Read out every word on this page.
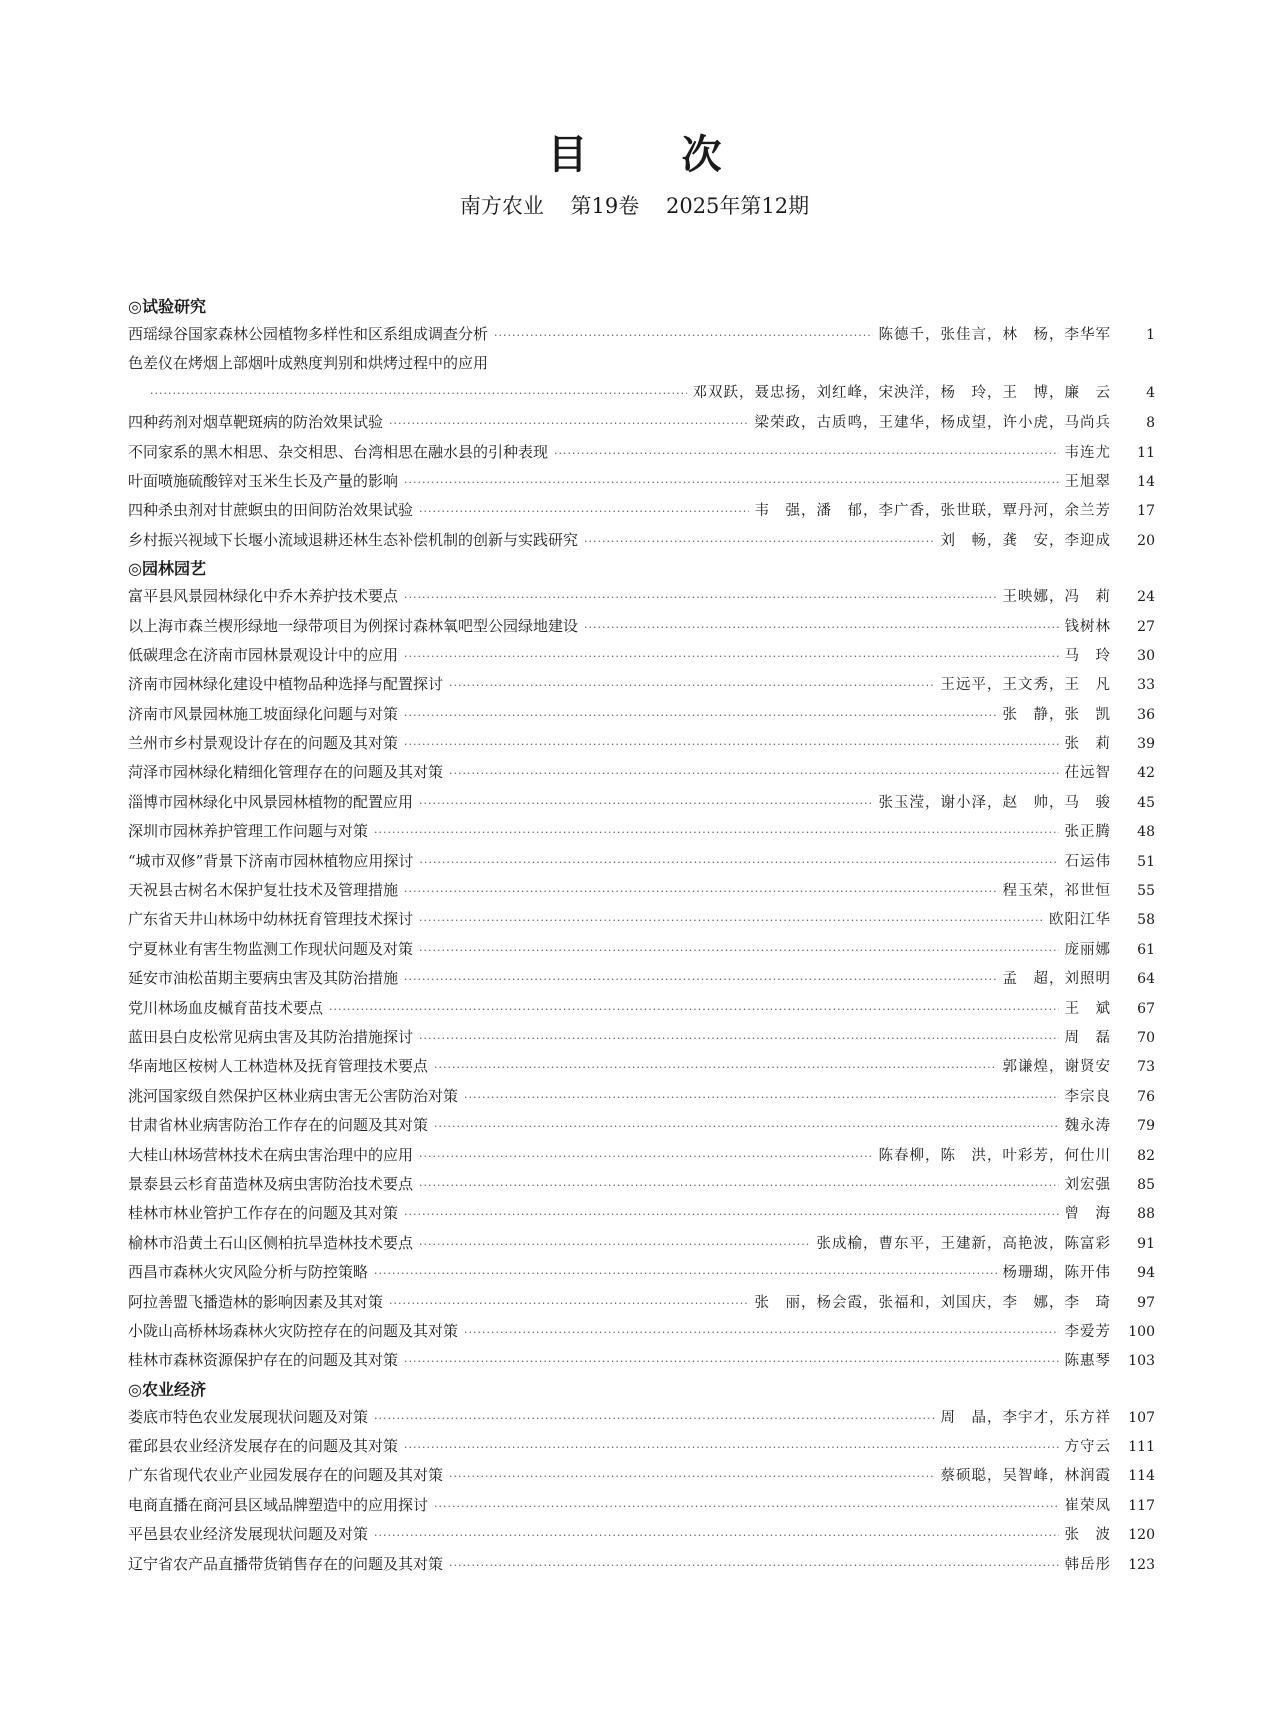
目 次
南方农业    第19卷    2025年第12期
◎试验研究
西瑶绿谷国家森林公园植物多样性和区系组成调查分析 ·····	陈德千，张佳言，林　杨，李华军	1
色差仪在烤烟上部烟叶成熟度判别和烘烤过程中的应用
·····
邓双跃，聂忠扬，刘红峰，宋泱洋，杨　玲，王　博，廉　云	4
四种药剂对烟草靶斑病的防治效果试验 ·····	梁荣政，古质鸣，王建华，杨成望，许小虎，马尚兵	8
不同家系的黑木相思、杂交相思、台湾相思在融水县的引种表现 ·····	韦连尤	11
叶面喷施硫酸锌对玉米生长及产量的影响 ·····	王旭翠	14
四种杀虫剂对甘蔗螟虫的田间防治效果试验 ·····	韦　强，潘　郁，李广香，张世联，覃丹河，余兰芳	17
乡村振兴视域下长堰小流域退耕还林生态补偿机制的创新与实践研究 ·····	刘　畅，龚　安，李迎成	20
◎园林园艺
富平县风景园林绿化中乔木养护技术要点 ·····	王映娜，冯　莉	24
以上海市森兰楔形绿地一绿带项目为例探讨森林氧吧型公园绿地建设 ·····	钱树林	27
低碳理念在济南市园林景观设计中的应用 ·····	马　玲	30
济南市园林绿化建设中植物品种选择与配置探讨 ·····	王远平，王文秀，王　凡	33
济南市风景园林施工坡面绿化问题与对策 ·····	张　静，张　凯	36
兰州市乡村景观设计存在的问题及其对策 ·····	张　莉	39
菏泽市园林绿化精细化管理存在的问题及其对策 ·····	茌远智	42
淄博市园林绿化中风景园林植物的配置应用 ·····	张玉滢，谢小泽，赵　帅，马　骏	45
深圳市园林养护管理工作问题与对策 ·····	张正腾	48
“城市双修”背景下济南市园林植物应用探讨 ·····	石运伟	51
天祝县古树名木保护复壮技术及管理措施 ·····	程玉荣，祁世恒	55
广东省天井山林场中幼林抚育管理技术探讨 ·····	欧阳江华	58
宁夏林业有害生物监测工作现状问题及对策 ·····	庞丽娜	61
延安市油松苗期主要病虫害及其防治措施 ·····	孟　超，刘照明	64
党川林场血皮槭育苗技术要点 ·····	王　斌	67
蓝田县白皮松常见病虫害及其防治措施探讨 ·····	周　磊	70
华南地区桉树人工林造林及抚育管理技术要点 ·····	郭谦煌，谢贤安	73
洮河国家级自然保护区林业病虫害无公害防治对策 ·····	李宗良	76
甘肃省林业病害防治工作存在的问题及其对策 ·····	魏永涛	79
大桂山林场营林技术在病虫害治理中的应用 ·····	陈春柳，陈　洪，叶彩芳，何仕川	82
景泰县云杉育苗造林及病虫害防治技术要点 ·····	刘宏强	85
桂林市林业管护工作存在的问题及其对策 ·····	曾　海	88
榆林市沿黄土石山区侧柏抗旱造林技术要点 ·····	张成榆，曹东平，王建新，高艳波，陈富彩	91
西昌市森林火灾风险分析与防控策略 ·····	杨珊瑚，陈开伟	94
阿拉善盟飞播造林的影响因素及其对策 ·····	张　丽，杨会霞，张福和，刘国庆，李　娜，李　琦	97
小陇山高桥林场森林火灾防控存在的问题及其对策 ·····	李爱芳	100
桂林市森林资源保护存在的问题及其对策 ·····	陈惠琴	103
◎农业经济
娄底市特色农业发展现状问题及对策 ·····	周　晶，李宇才，乐方祥	107
霍邱县农业经济发展存在的问题及其对策 ·····	方守云	111
广东省现代农业产业园发展存在的问题及其对策 ·····	蔡硕聪，吴智峰，林润霞	114
电商直播在商河县区域品牌塑造中的应用探讨 ·····	崔荣凤	117
平邑县农业经济发展现状问题及对策 ·····	张　波	120
辽宁省农产品直播带货销售存在的问题及其对策 ·····	韩岳彤	123
